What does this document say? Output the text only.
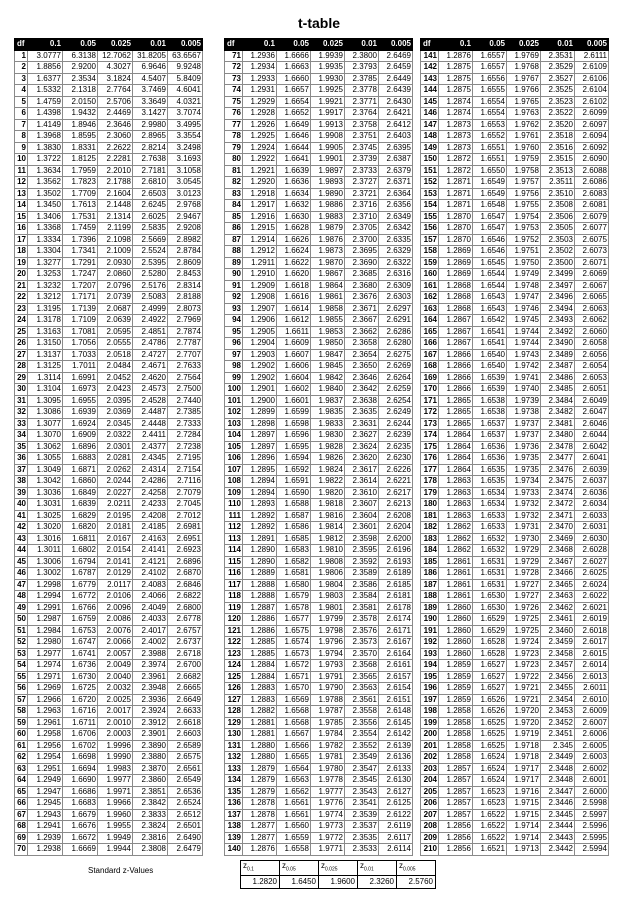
t-table
df	0.1	0.05	0.025	0.01	0.005
1	3.0777	6.3138	12.7062	31.8205	63.6567
2	1.8856	2.9200	4.3027	6.9646	9.9248
3	1.6377	2.3534	3.1824	4.5407	5.8409
4	1.5332	2.1318	2.7764	3.7469	4.6041
5	1.4759	2.0150	2.5706	3.3649	4.0321
6	1.4398	1.9432	2.4469	3.1427	3.7074
7	1.4149	1.8946	2.3646	2.9980	3.4995
8	1.3968	1.8595	2.3060	2.8965	3.3554
9	1.3830	1.8331	2.2622	2.8214	3.2498
10	1.3722	1.8125	2.2281	2.7638	3.1693
11	1.3634	1.7959	2.2010	2.7181	3.1058
12	1.3562	1.7823	2.1788	2.6810	3.0545
13	1.3502	1.7709	2.1604	2.6503	3.0123
14	1.3450	1.7613	2.1448	2.6245	2.9768
15	1.3406	1.7531	2.1314	2.6025	2.9467
16	1.3368	1.7459	2.1199	2.5835	2.9208
17	1.3334	1.7396	2.1098	2.5669	2.8982
18	1.3304	1.7341	2.1009	2.5524	2.8784
19	1.3277	1.7291	2.0930	2.5395	2.8609
20	1.3253	1.7247	2.0860	2.5280	2.8453
21	1.3232	1.7207	2.0796	2.5176	2.8314
22	1.3212	1.7171	2.0739	2.5083	2.8188
23	1.3195	1.7139	2.0687	2.4999	2.8073
24	1.3178	1.7109	2.0639	2.4922	2.7969
25	1.3163	1.7081	2.0595	2.4851	2.7874
26	1.3150	1.7056	2.0555	2.4786	2.7787
27	1.3137	1.7033	2.0518	2.4727	2.7707
28	1.3125	1.7011	2.0484	2.4671	2.7633
29	1.3114	1.6991	2.0452	2.4620	2.7564
30	1.3104	1.6973	2.0423	2.4573	2.7500
31	1.3095	1.6955	2.0395	2.4528	2.7440
32	1.3086	1.6939	2.0369	2.4487	2.7385
33	1.3077	1.6924	2.0345	2.4448	2.7333
34	1.3070	1.6909	2.0322	2.4411	2.7284
35	1.3062	1.6896	2.0301	2.4377	2.7238
36	1.3055	1.6883	2.0281	2.4345	2.7195
37	1.3049	1.6871	2.0262	2.4314	2.7154
38	1.3042	1.6860	2.0244	2.4286	2.7116
39	1.3036	1.6849	2.0227	2.4258	2.7079
40	1.3031	1.6839	2.0211	2.4233	2.7045
41	1.3025	1.6829	2.0195	2.4208	2.7012
42	1.3020	1.6820	2.0181	2.4185	2.6981
43	1.3016	1.6811	2.0167	2.4163	2.6951
44	1.3011	1.6802	2.0154	2.4141	2.6923
45	1.3006	1.6794	2.0141	2.4121	2.6896
46	1.3002	1.6787	2.0129	2.4102	2.6870
47	1.2998	1.6779	2.0117	2.4083	2.6846
48	1.2994	1.6772	2.0106	2.4066	2.6822
49	1.2991	1.6766	2.0096	2.4049	2.6800
50	1.2987	1.6759	2.0086	2.4033	2.6778
51	1.2984	1.6753	2.0076	2.4017	2.6757
52	1.2980	1.6747	2.0066	2.4002	2.6737
53	1.2977	1.6741	2.0057	2.3988	2.6718
54	1.2974	1.6736	2.0049	2.3974	2.6700
55	1.2971	1.6730	2.0040	2.3961	2.6682
56	1.2969	1.6725	2.0032	2.3948	2.6665
57	1.2966	1.6720	2.0025	2.3936	2.6649
58	1.2963	1.6716	2.0017	2.3924	2.6633
59	1.2961	1.6711	2.0010	2.3912	2.6618
60	1.2958	1.6706	2.0003	2.3901	2.6603
61	1.2956	1.6702	1.9996	2.3890	2.6589
62	1.2954	1.6698	1.9990	2.3880	2.6575
63	1.2951	1.6694	1.9983	2.3870	2.6561
64	1.2949	1.6690	1.9977	2.3860	2.6549
65	1.2947	1.6686	1.9971	2.3851	2.6536
66	1.2945	1.6683	1.9966	2.3842	2.6524
67	1.2943	1.6679	1.9960	2.3833	2.6512
68	1.2941	1.6676	1.9955	2.3824	2.6501
69	1.2939	1.6672	1.9949	2.3816	2.6490
70	1.2938	1.6669	1.9944	2.3808	2.6479
df	0.1	0.05	0.025	0.01	0.005
71	1.2936	1.6666	1.9939	2.3800	2.6469
72	1.2934	1.6663	1.9935	2.3793	2.6459
73	1.2933	1.6660	1.9930	2.3785	2.6449
74	1.2931	1.6657	1.9925	2.3778	2.6439
75	1.2929	1.6654	1.9921	2.3771	2.6430
76	1.2928	1.6652	1.9917	2.3764	2.6421
77	1.2926	1.6649	1.9913	2.3758	2.6412
78	1.2925	1.6646	1.9908	2.3751	2.6403
79	1.2924	1.6644	1.9905	2.3745	2.6395
80	1.2922	1.6641	1.9901	2.3739	2.6387
81	1.2921	1.6639	1.9897	2.3733	2.6379
82	1.2920	1.6636	1.9893	2.3727	2.6371
83	1.2918	1.6634	1.9890	2.3721	2.6364
84	1.2917	1.6632	1.9886	2.3716	2.6356
85	1.2916	1.6630	1.9883	2.3710	2.6349
86	1.2915	1.6628	1.9879	2.3705	2.6342
87	1.2914	1.6626	1.9876	2.3700	2.6335
88	1.2912	1.6624	1.9873	2.3695	2.6329
89	1.2911	1.6622	1.9870	2.3690	2.6322
90	1.2910	1.6620	1.9867	2.3685	2.6316
91	1.2909	1.6618	1.9864	2.3680	2.6309
92	1.2908	1.6616	1.9861	2.3676	2.6303
93	1.2907	1.6614	1.9858	2.3671	2.6297
94	1.2906	1.6612	1.9855	2.3667	2.6291
95	1.2905	1.6611	1.9853	2.3662	2.6286
96	1.2904	1.6609	1.9850	2.3658	2.6280
97	1.2903	1.6607	1.9847	2.3654	2.6275
98	1.2902	1.6606	1.9845	2.3650	2.6269
99	1.2902	1.6604	1.9842	2.3646	2.6264
100	1.2901	1.6602	1.9840	2.3642	2.6259
101	1.2900	1.6601	1.9837	2.3638	2.6254
102	1.2899	1.6599	1.9835	2.3635	2.6249
103	1.2898	1.6598	1.9833	2.3631	2.6244
104	1.2897	1.6596	1.9830	2.3627	2.6239
105	1.2897	1.6595	1.9828	2.3624	2.6235
106	1.2896	1.6594	1.9826	2.3620	2.6230
107	1.2895	1.6592	1.9824	2.3617	2.6226
108	1.2894	1.6591	1.9822	2.3614	2.6221
109	1.2894	1.6590	1.9820	2.3610	2.6217
110	1.2893	1.6588	1.9818	2.3607	2.6213
111	1.2892	1.6587	1.9816	2.3604	2.6208
112	1.2892	1.6586	1.9814	2.3601	2.6204
113	1.2891	1.6585	1.9812	2.3598	2.6200
114	1.2890	1.6583	1.9810	2.3595	2.6196
115	1.2890	1.6582	1.9808	2.3592	2.6193
116	1.2889	1.6581	1.9806	2.3589	2.6189
117	1.2888	1.6580	1.9804	2.3586	2.6185
118	1.2888	1.6579	1.9803	2.3584	2.6181
119	1.2887	1.6578	1.9801	2.3581	2.6178
120	1.2886	1.6577	1.9799	2.3578	2.6174
121	1.2886	1.6575	1.9798	2.3576	2.6171
122	1.2885	1.6574	1.9796	2.3573	2.6167
123	1.2885	1.6573	1.9794	2.3570	2.6164
124	1.2884	1.6572	1.9793	2.3568	2.6161
125	1.2884	1.6571	1.9791	2.3565	2.6157
126	1.2883	1.6570	1.9790	2.3563	2.6154
127	1.2883	1.6569	1.9788	2.3561	2.6151
128	1.2882	1.6568	1.9787	2.3558	2.6148
129	1.2881	1.6568	1.9785	2.3556	2.6145
130	1.2881	1.6567	1.9784	2.3554	2.6142
131	1.2880	1.6566	1.9782	2.3552	2.6139
132	1.2880	1.6565	1.9781	2.3549	2.6136
133	1.2879	1.6564	1.9780	2.3547	2.6133
134	1.2879	1.6563	1.9778	2.3545	2.6130
135	1.2879	1.6562	1.9777	2.3543	2.6127
136	1.2878	1.6561	1.9776	2.3541	2.6125
137	1.2878	1.6561	1.9774	2.3539	2.6122
138	1.2877	1.6560	1.9773	2.3537	2.6119
139	1.2877	1.6559	1.9772	2.3535	2.6117
140	1.2876	1.6558	1.9771	2.3533	2.6114
df	0.1	0.05	0.025	0.01	0.005
141	1.2876	1.6557	1.9769	2.3531	2.6111
142	1.2875	1.6557	1.9768	2.3529	2.6109
143	1.2875	1.6556	1.9767	2.3527	2.6106
144	1.2875	1.6555	1.9766	2.3525	2.6104
145	1.2874	1.6554	1.9765	2.3523	2.6102
146	1.2874	1.6554	1.9763	2.3522	2.6099
147	1.2873	1.6553	1.9762	2.3520	2.6097
148	1.2873	1.6552	1.9761	2.3518	2.6094
149	1.2873	1.6551	1.9760	2.3516	2.6092
150	1.2872	1.6551	1.9759	2.3515	2.6090
151	1.2872	1.6550	1.9758	2.3513	2.6088
152	1.2871	1.6549	1.9757	2.3511	2.6086
153	1.2871	1.6549	1.9756	2.3510	2.6083
154	1.2871	1.6548	1.9755	2.3508	2.6081
155	1.2870	1.6547	1.9754	2.3506	2.6079
156	1.2870	1.6547	1.9753	2.3505	2.6077
157	1.2870	1.6546	1.9752	2.3503	2.6075
158	1.2869	1.6546	1.9751	2.3502	2.6073
159	1.2869	1.6545	1.9750	2.3500	2.6071
160	1.2869	1.6544	1.9749	2.3499	2.6069
161	1.2868	1.6544	1.9748	2.3497	2.6067
162	1.2868	1.6543	1.9747	2.3496	2.6065
163	1.2868	1.6543	1.9746	2.3494	2.6063
164	1.2867	1.6542	1.9745	2.3493	2.6062
165	1.2867	1.6541	1.9744	2.3492	2.6060
166	1.2867	1.6541	1.9744	2.3490	2.6058
167	1.2866	1.6540	1.9743	2.3489	2.6056
168	1.2866	1.6540	1.9742	2.3487	2.6054
169	1.2866	1.6539	1.9741	2.3486	2.6053
170	1.2866	1.6539	1.9740	2.3485	2.6051
171	1.2865	1.6538	1.9739	2.3484	2.6049
172	1.2865	1.6538	1.9738	2.3482	2.6047
173	1.2865	1.6537	1.9737	2.3481	2.6046
174	1.2864	1.6537	1.9737	2.3480	2.6044
175	1.2864	1.6536	1.9736	2.3478	2.6042
176	1.2864	1.6536	1.9735	2.3477	2.6041
177	1.2864	1.6535	1.9735	2.3476	2.6039
178	1.2863	1.6535	1.9734	2.3475	2.6037
179	1.2863	1.6534	1.9733	2.3474	2.6036
180	1.2863	1.6534	1.9732	2.3472	2.6034
181	1.2863	1.6533	1.9732	2.3471	2.6033
182	1.2862	1.6533	1.9731	2.3470	2.6031
183	1.2862	1.6532	1.9730	2.3469	2.6030
184	1.2862	1.6532	1.9729	2.3468	2.6028
185	1.2861	1.6531	1.9729	2.3467	2.6027
186	1.2861	1.6531	1.9728	2.3466	2.6025
187	1.2861	1.6531	1.9727	2.3465	2.6024
188	1.2861	1.6530	1.9727	2.3463	2.6022
189	1.2860	1.6530	1.9726	2.3462	2.6021
190	1.2860	1.6529	1.9725	2.3461	2.6019
191	1.2860	1.6529	1.9725	2.3460	2.6018
192	1.2860	1.6528	1.9724	2.3459	2.6017
193	1.2860	1.6528	1.9723	2.3458	2.6015
194	1.2859	1.6527	1.9723	2.3457	2.6014
195	1.2859	1.6527	1.9722	2.3456	2.6013
196	1.2859	1.6527	1.9721	2.3455	2.6011
197	1.2859	1.6526	1.9721	2.3454	2.6010
198	1.2858	1.6526	1.9720	2.3453	2.6009
199	1.2858	1.6525	1.9720	2.3452	2.6007
200	1.2858	1.6525	1.9719	2.3451	2.6006
201	1.2858	1.6525	1.9718	2.345	2.6005
202	1.2858	1.6524	1.9718	2.3449	2.6003
203	1.2857	1.6524	1.9717	2.3448	2.6002
204	1.2857	1.6524	1.9717	2.3448	2.6001
205	1.2857	1.6523	1.9716	2.3447	2.6000
206	1.2857	1.6523	1.9715	2.3446	2.5998
207	1.2857	1.6522	1.9715	2.3445	2.5997
208	1.2856	1.6522	1.9714	2.3444	2.5996
209	1.2856	1.6522	1.9714	2.3443	2.5995
210	1.2856	1.6521	1.9713	2.3442	2.5994
Standard z-Values
$z_{0.1}$	$z_{0.05}$	$z_{0.025}$	$z_{0.01}$	$z_{0.005}$
1.2820	1.6450	1.9600	2.3260	2.5760
